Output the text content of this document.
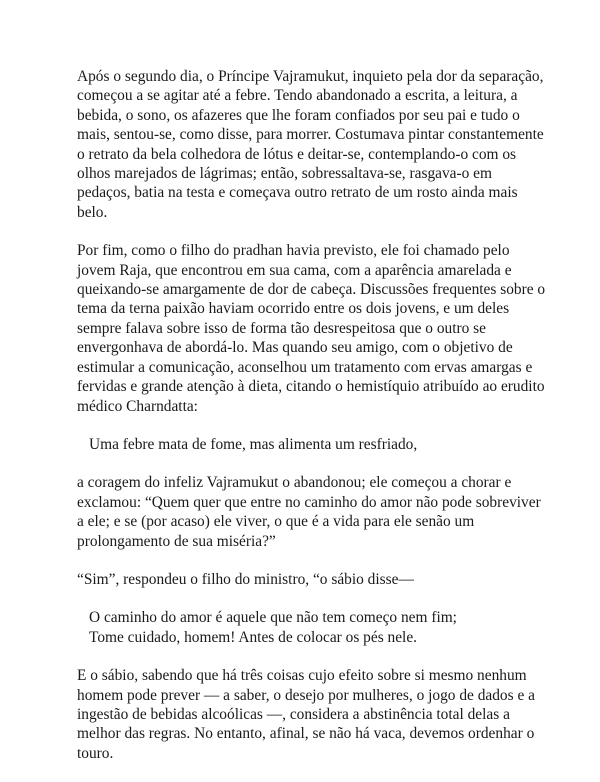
Após o segundo dia, o Príncipe Vajramukut, inquieto pela dor da separação, começou a se agitar até a febre. Tendo abandonado a escrita, a leitura, a bebida, o sono, os afazeres que lhe foram confiados por seu pai e tudo o mais, sentou-se, como disse, para morrer. Costumava pintar constantemente o retrato da bela colhedora de lótus e deitar-se, contemplando-o com os olhos marejados de lágrimas; então, sobressaltava-se, rasgava-o em pedaços, batia na testa e começava outro retrato de um rosto ainda mais belo.

Por fim, como o filho do pradhan havia previsto, ele foi chamado pelo jovem Raja, que encontrou em sua cama, com a aparência amarelada e queixando-se amargamente de dor de cabeça. Discussões frequentes sobre o tema da terna paixão haviam ocorrido entre os dois jovens, e um deles sempre falava sobre isso de forma tão desrespeitosa que o outro se envergonhava de abordá-lo. Mas quando seu amigo, com o objetivo de estimular a comunicação, aconselhou um tratamento com ervas amargas e fervidas e grande atenção à dieta, citando o hemistíquio atribuído ao erudito médico Charndatta:

Uma febre mata de fome, mas alimenta um resfriado,

a coragem do infeliz Vajramukut o abandonou; ele começou a chorar e exclamou: “Quem quer que entre no caminho do amor não pode sobreviver a ele; e se (por acaso) ele viver, o que é a vida para ele senão um prolongamento de sua miséria?”

“Sim”, respondeu o filho do ministro, “o sábio disse—

O caminho do amor é aquele que não tem começo nem fim;
Tome cuidado, homem! Antes de colocar os pés nele.

E o sábio, sabendo que há três coisas cujo efeito sobre si mesmo nenhum homem pode prever — a saber, o desejo por mulheres, o jogo de dados e a ingestão de bebidas alcoólicas —, considera a abstinência total delas a melhor das regras. No entanto, afinal, se não há vaca, devemos ordenhar o touro.
